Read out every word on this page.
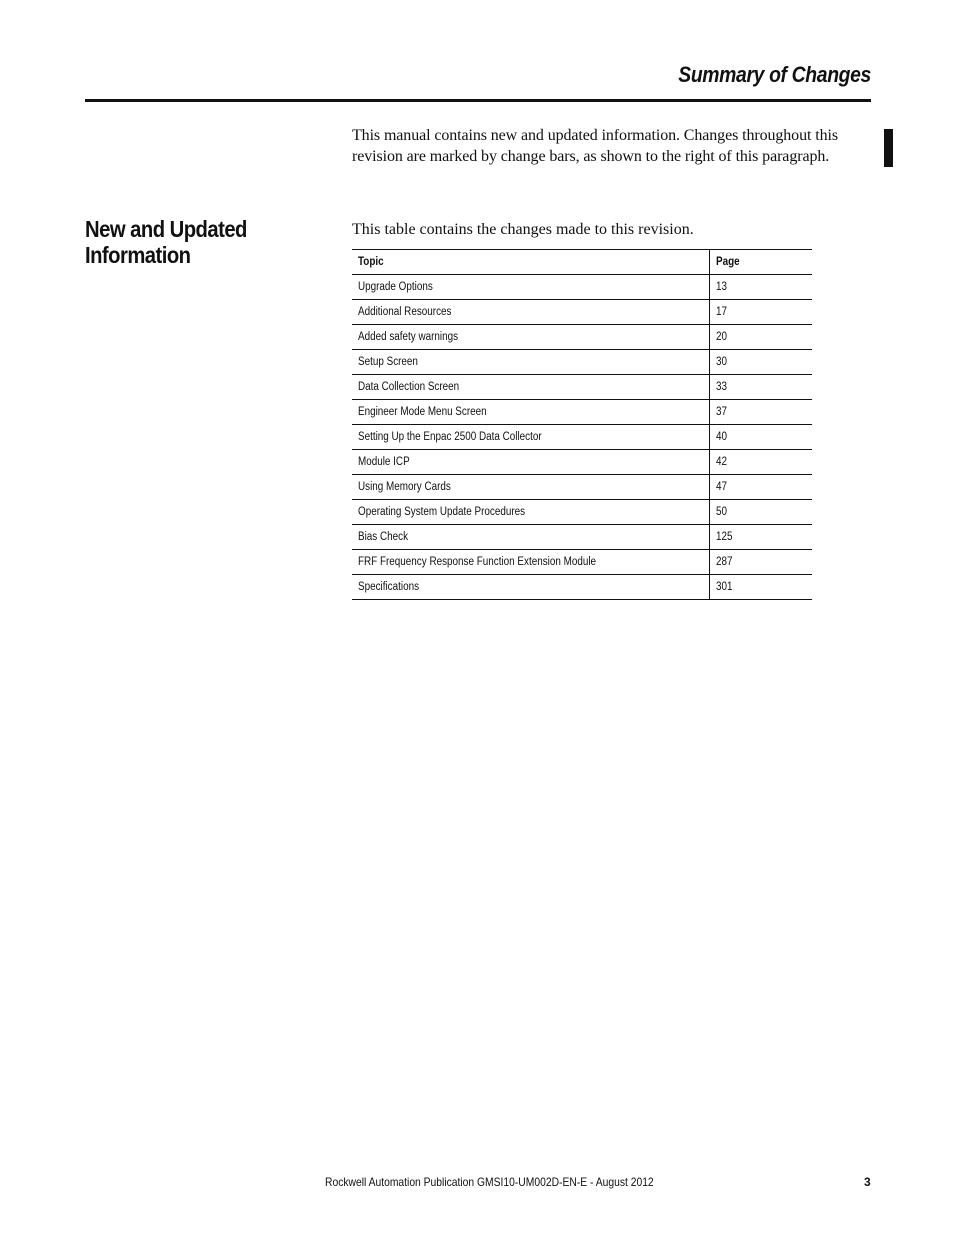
Summary of Changes

This manual contains new and updated information. Changes throughout this revision are marked by change bars, as shown to the right of this paragraph.

New and Updated
Information

This table contains the changes made to this revision.

Topic	Page
Upgrade Options	13
Additional Resources	17
Added safety warnings	20
Setup Screen	30
Data Collection Screen	33
Engineer Mode Menu Screen	37
Setting Up the Enpac 2500 Data Collector	40
Module ICP	42
Using Memory Cards	47
Operating System Update Procedures	50
Bias Check	125
FRF Frequency Response Function Extension Module	287
Specifications	301

Rockwell Automation Publication GMSI10-UM002D-EN-E - August 2012	3
